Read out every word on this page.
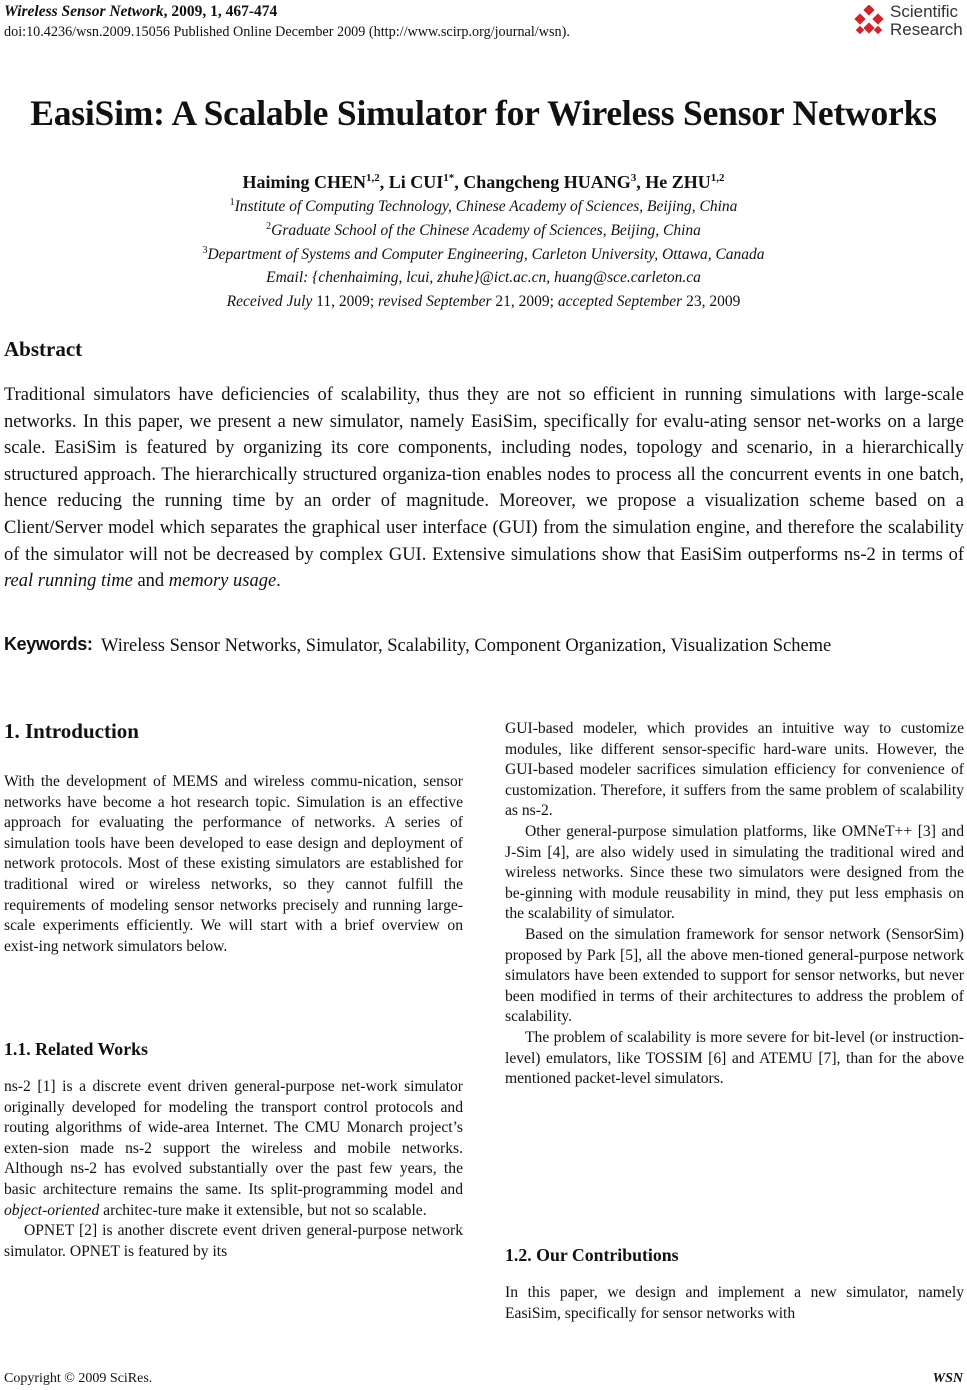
Wireless Sensor Network, 2009, 1, 467-474
doi:10.4236/wsn.2009.15056 Published Online December 2009 (http://www.scirp.org/journal/wsn).
Scientific
Research
EasiSim: A Scalable Simulator for Wireless Sensor Networks
Haiming CHEN$^{1,2}$, Li $CUI^{1*}$, Changcheng HUANG$^3$, He ZHU$^{1,2}$
$^1$Institute of Computing Technology, Chinese Academy of Sciences, Beijing, China
$^2$Graduate School of the Chinese Academy of Sciences, Beijing, China
$^3$Department of Systems and Computer Engineering, Carleton University, Ottawa, Canada
Email: {chenhaiming, lcui, zhuhe}@ict.ac.cn, huang@sce.carleton.ca
Received July 11, 2009; revised September 21, 2009; accepted September 23, 2009
Abstract
Traditional simulators have deficiencies of scalability, thus they are not so efficient in running simulations with large-scale networks. In this paper, we present a new simulator, namely EasiSim, specifically for evalu-ating sensor net-works on a large scale. EasiSim is featured by organizing its core components, including nodes, topology and scenario, in a hierarchically structured approach. The hierarchically structured organiza-tion enables nodes to process all the concurrent events in one batch, hence reducing the running time by an order of magnitude. Moreover, we propose a visualization scheme based on a Client/Server model which separates the graphical user interface (GUI) from the simulation engine, and therefore the scalability of the simulator will not be decreased by complex GUI. Extensive simulations show that EasiSim outperforms ns-2 in terms of real running time and memory usage.
Keywords: Wireless Sensor Networks, Simulator, Scalability, Component Organization, Visualization Scheme
1. Introduction

With the development of MEMS and wireless commu-nication, sensor networks have become a hot research topic. Simulation is an effective approach for evaluating the performance of networks. A series of simulation tools have been developed to ease design and deployment of network protocols. Most of these existing simulators are established for traditional wired or wireless networks, so they cannot fulfill the requirements of modeling sensor networks precisely and running large-scale experiments efficiently. We will start with a brief overview on exist-ing network simulators below.

1.1. Related Works

ns-2 [1] is a discrete event driven general-purpose net-work simulator originally developed for modeling the transport control protocols and routing algorithms of wide-area Internet. The CMU Monarch project’s exten-sion made ns-2 support the wireless and mobile networks. Although ns-2 has evolved substantially over the past few years, the basic architecture remains the same. Its split-programming model and object-oriented architec-ture make it extensible, but not so scalable.

OPNET [2] is another discrete event driven general-purpose network simulator. OPNET is featured by its

GUI-based modeler, which provides an intuitive way to customize modules, like different sensor-specific hard-ware units. However, the GUI-based modeler sacrifices simulation efficiency for convenience of customization. Therefore, it suffers from the same problem of scalability as ns-2.

Other general-purpose simulation platforms, like OMNeT++ [3] and J-Sim [4], are also widely used in simulating the traditional wired and wireless networks. Since these two simulators were designed from the be-ginning with module reusability in mind, they put less emphasis on the scalability of simulator.

Based on the simulation framework for sensor network (SensorSim) proposed by Park [5], all the above men-tioned general-purpose network simulators have been extended to support for sensor networks, but never been modified in terms of their architectures to address the problem of scalability.

The problem of scalability is more severe for bit-level (or instruction-level) emulators, like TOSSIM [6] and ATEMU [7], than for the above mentioned packet-level simulators.

1.2. Our Contributions

In this paper, we design and implement a new simulator, namely EasiSim, specifically for sensor networks with

Copyright © 2009 SciRes.	WSN
